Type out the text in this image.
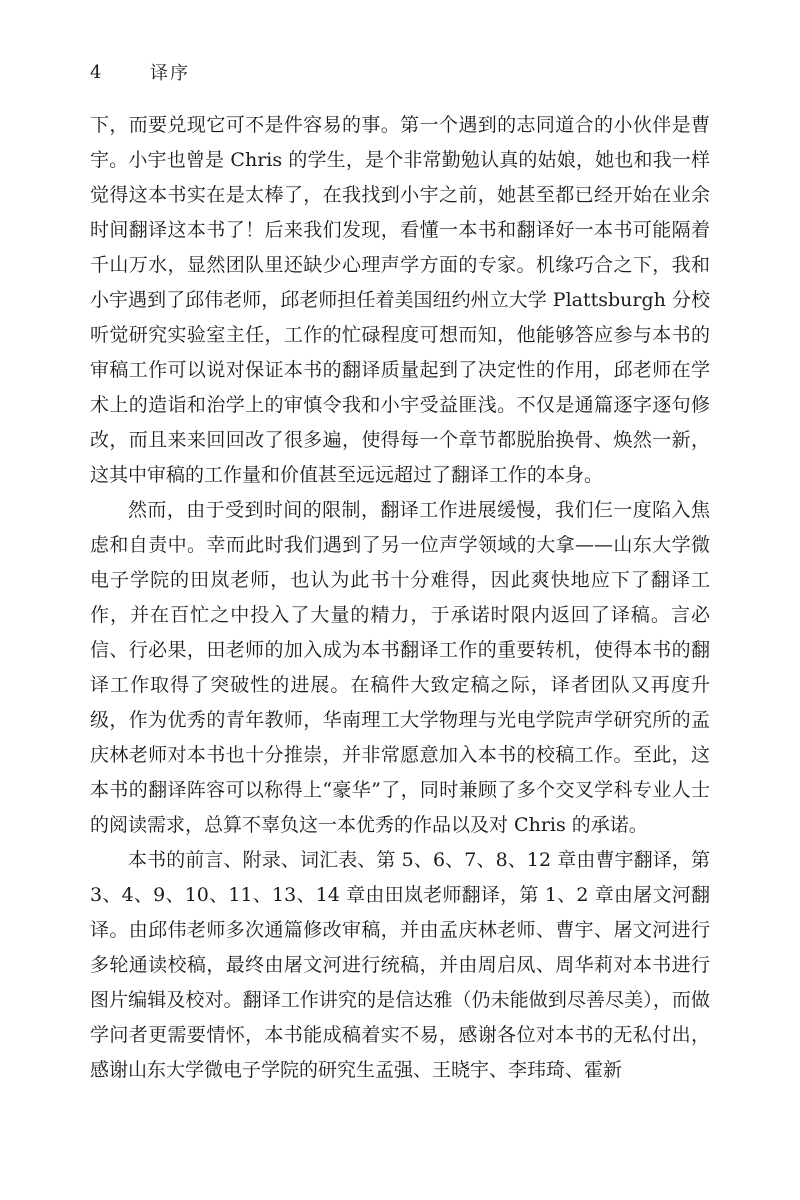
4	译序

下，而要兑现它可不是件容易的事。第一个遇到的志同道合的小伙伴是曹宇。小宇也曾是 Chris 的学生，是个非常勤勉认真的姑娘，她也和我一样觉得这本书实在是太棒了，在我找到小宇之前，她甚至都已经开始在业余时间翻译这本书了！后来我们发现，看懂一本书和翻译好一本书可能隔着千山万水，显然团队里还缺少心理声学方面的专家。机缘巧合之下，我和小宇遇到了邱伟老师，邱老师担任着美国纽约州立大学 Plattsburgh 分校听觉研究实验室主任，工作的忙碌程度可想而知，他能够答应参与本书的审稿工作可以说对保证本书的翻译质量起到了决定性的作用，邱老师在学术上的造诣和治学上的审慎令我和小宇受益匪浅。不仅是通篇逐字逐句修改，而且来来回回改了很多遍，使得每一个章节都脱胎换骨、焕然一新，这其中审稿的工作量和价值甚至远远超过了翻译工作的本身。

然而，由于受到时间的限制，翻译工作进展缓慢，我们仨一度陷入焦虑和自责中。幸而此时我们遇到了另一位声学领域的大拿——山东大学微电子学院的田岚老师，也认为此书十分难得，因此爽快地应下了翻译工作，并在百忙之中投入了大量的精力，于承诺时限内返回了译稿。言必信、行必果，田老师的加入成为本书翻译工作的重要转机，使得本书的翻译工作取得了突破性的进展。在稿件大致定稿之际，译者团队又再度升级，作为优秀的青年教师，华南理工大学物理与光电学院声学研究所的孟庆林老师对本书也十分推崇，并非常愿意加入本书的校稿工作。至此，这本书的翻译阵容可以称得上“豪华”了，同时兼顾了多个交叉学科专业人士的阅读需求，总算不辜负这一本优秀的作品以及对 Chris 的承诺。

本书的前言、附录、词汇表、第 5、6、7、8、12 章由曹宇翻译，第 3、4、9、10、11、13、14 章由田岚老师翻译，第 1、2 章由屠文河翻译。由邱伟老师多次通篇修改审稿，并由孟庆林老师、曹宇、屠文河进行多轮通读校稿，最终由屠文河进行统稿，并由周启凤、周华莉对本书进行图片编辑及校对。翻译工作讲究的是信达雅（仍未能做到尽善尽美），而做学问者更需要情怀，本书能成稿着实不易，感谢各位对本书的无私付出，感谢山东大学微电子学院的研究生孟强、王晓宇、李玮琦、霍新
